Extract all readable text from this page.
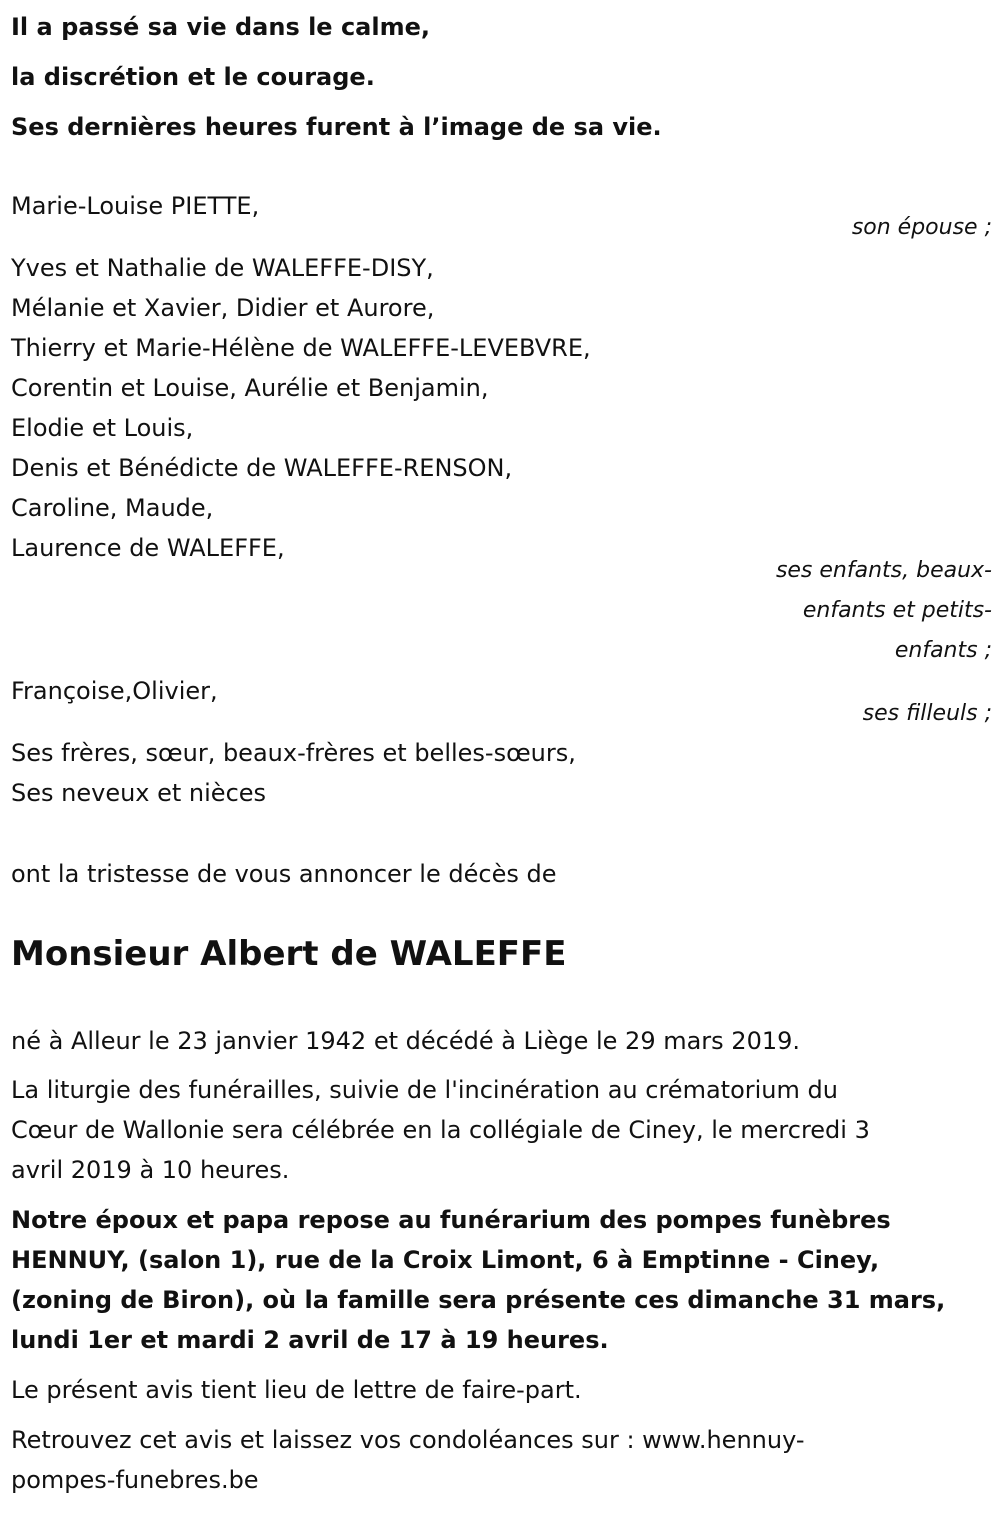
Il a passé sa vie dans le calme,
la discrétion et le courage.
Ses dernières heures furent à l’image de sa vie.
Marie-Louise PIETTE,
son épouse ;
Yves et Nathalie de WALEFFE-DISY,
Mélanie et Xavier, Didier et Aurore,
Thierry et Marie-Hélène de WALEFFE-LEVEBVRE,
Corentin et Louise, Aurélie et Benjamin,
Elodie et Louis,
Denis et Bénédicte de WALEFFE-RENSON,
Caroline, Maude,
Laurence de WALEFFE,
ses enfants, beaux-
enfants et petits-
enfants ;
Françoise,Olivier,
ses filleuls ;
Ses frères, sœur, beaux-frères et belles-sœurs,
Ses neveux et nièces
ont la tristesse de vous annoncer le décès de
Monsieur Albert de WALEFFE
né à Alleur le 23 janvier 1942 et décédé à Liège le 29 mars 2019.
La liturgie des funérailles, suivie de l'incinération au crématorium du
Cœur de Wallonie sera célébrée en la collégiale de Ciney, le mercredi 3
avril 2019 à 10 heures.
Notre époux et papa repose au funérarium des pompes funèbres
HENNUY, (salon 1), rue de la Croix Limont, 6 à Emptinne - Ciney,
(zoning de Biron), où la famille sera présente ces dimanche 31 mars,
lundi 1er et mardi 2 avril de 17 à 19 heures.
Le présent avis tient lieu de lettre de faire-part.
Retrouvez cet avis et laissez vos condoléances sur : www.hennuy-
pompes-funebres.be
